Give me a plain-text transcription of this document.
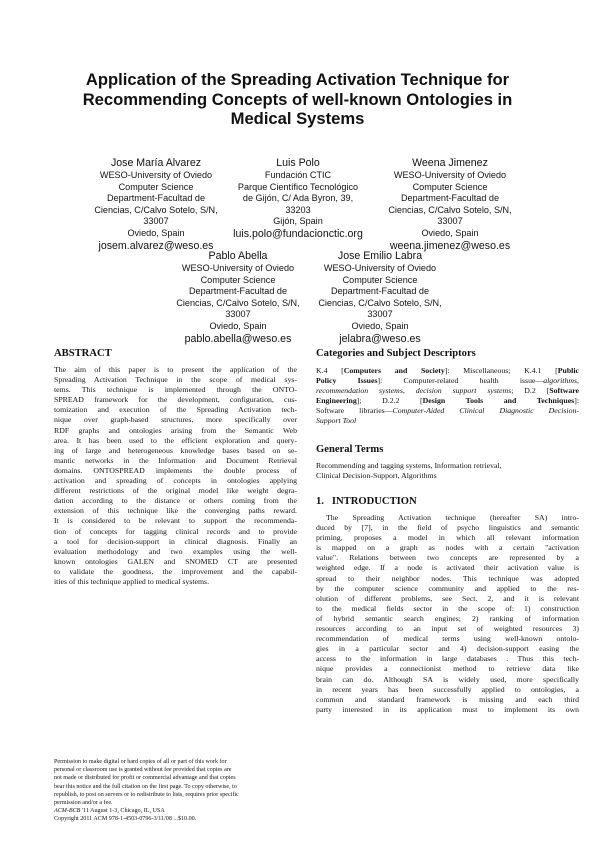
Application of the Spreading Activation Technique for
Recommending Concepts of well-known Ontologies in
Medical Systems
Jose María Alvarez
WESO-University of Oviedo
Computer Science
Department-Facultad de
Ciencias, C/Calvo Sotelo, S/N,
33007
Oviedo, Spain
josem.alvarez@weso.es
Luis Polo
Fundación CTIC
Parque Científico Tecnológico
de Gijón, C/ Ada Byron, 39,
33203
Gijón, Spain
luis.polo@fundacionctic.org
Weena Jimenez
WESO-University of Oviedo
Computer Science
Department-Facultad de
Ciencias, C/Calvo Sotelo, S/N,
33007
Oviedo, Spain
weena.jimenez@weso.es
Pablo Abella
WESO-University of Oviedo
Computer Science
Department-Facultad de
Ciencias, C/Calvo Sotelo, S/N,
33007
Oviedo, Spain
pablo.abella@weso.es
Jose Emilio Labra
WESO-University of Oviedo
Computer Science
Department-Facultad de
Ciencias, C/Calvo Sotelo, S/N,
33007
Oviedo, Spain
jelabra@weso.es
ABSTRACT
The aim of this paper is to present the application of the
Spreading Activation Technique in the scope of medical sys-
tems. This technique is implemented through the ONTO-
SPREAD framework for the development, configuration, cus-
tomization and execution of the Spreading Activation tech-
nique over graph-based structures, more specifically over
RDF graphs and ontologies arising from the Semantic Web
area. It has been used to the efficient exploration and query-
ing of large and heterogeneous knowledge bases based on se-
mantic networks in the Information and Document Retrieval
domains. ONTOSPREAD implements the double process of
activation and spreading of concepts in ontologies applying
different restrictions of the original model like weight degra-
dation according to the distance or others coming from the
extension of this technique like the converging paths reward.
It is considered to be relevant to support the recommenda-
tion of concepts for tagging clinical records and to provide
a tool for decision-support in clinical diagnosis. Finally an
evaluation methodology and two examples using the well-
known ontologies GALEN and SNOMED CT are presented
to validate the goodness, the improvement and the capabil-
ities of this technique applied to medical systems.
Permission to make digital or hard copies of all or part of this work for
personal or classroom use is granted without fee provided that copies are
not made or distributed for profit or commercial advantage and that copies
bear this notice and the full citation on the first page. To copy otherwise, to
republish, to post on servers or to redistribute to lists, requires prior specific
permission and/or a fee.
ACM-BCB '11 August 1-3, Chicago, IL, USA
Copyright 2011 ACM 978-1-4503-0796-3/11/08 ...$10.00.
Categories and Subject Descriptors
K.4 [Computers and Society]: Miscellaneous; K.4.1 [Public
Policy Issues]: Computer-related health issue—algorithms,
recommendation systems, decision support systems; D.2 [Software
Engineering]; D.2.2 [Design Tools and Techniques]:
Software libraries—Computer-Aided Clinical Diagnostic Decision-
Support Tool
General Terms
Recommending and tagging systems, Information retrieval,
Clinical Decision-Support, Algorithms
1. INTRODUCTION
The Spreading Activation technique (hereafter SA) intro-
duced by [7], in the field of psycho linguistics and semantic
priming, proposes a model in which all relevant information
is mapped on a graph as nodes with a certain "activation
value". Relations between two concepts are represented by a
weighted edge. If a node is activated their activation value is
spread to their neighbor nodes. This technique was adopted
by the computer science community and applied to the res-
olution of different problems, see Sect. 2, and it is relevant
to the medical fields sector in the scope of: 1) construction
of hybrid semantic search engines; 2) ranking of information
resources according to an input set of weighted resources 3)
recommendation of medical terms using well-known ontolo-
gies in a particular sector and 4) decision-support easing the
access to the information in large databases . Thus this tech-
nique provides a connectionist method to retrieve data like
brain can do. Although SA is widely used, more specifically
in recent years has been successfully applied to ontologies, a
common and standard framework is missing and each third
party interested in its application must to implement its own
